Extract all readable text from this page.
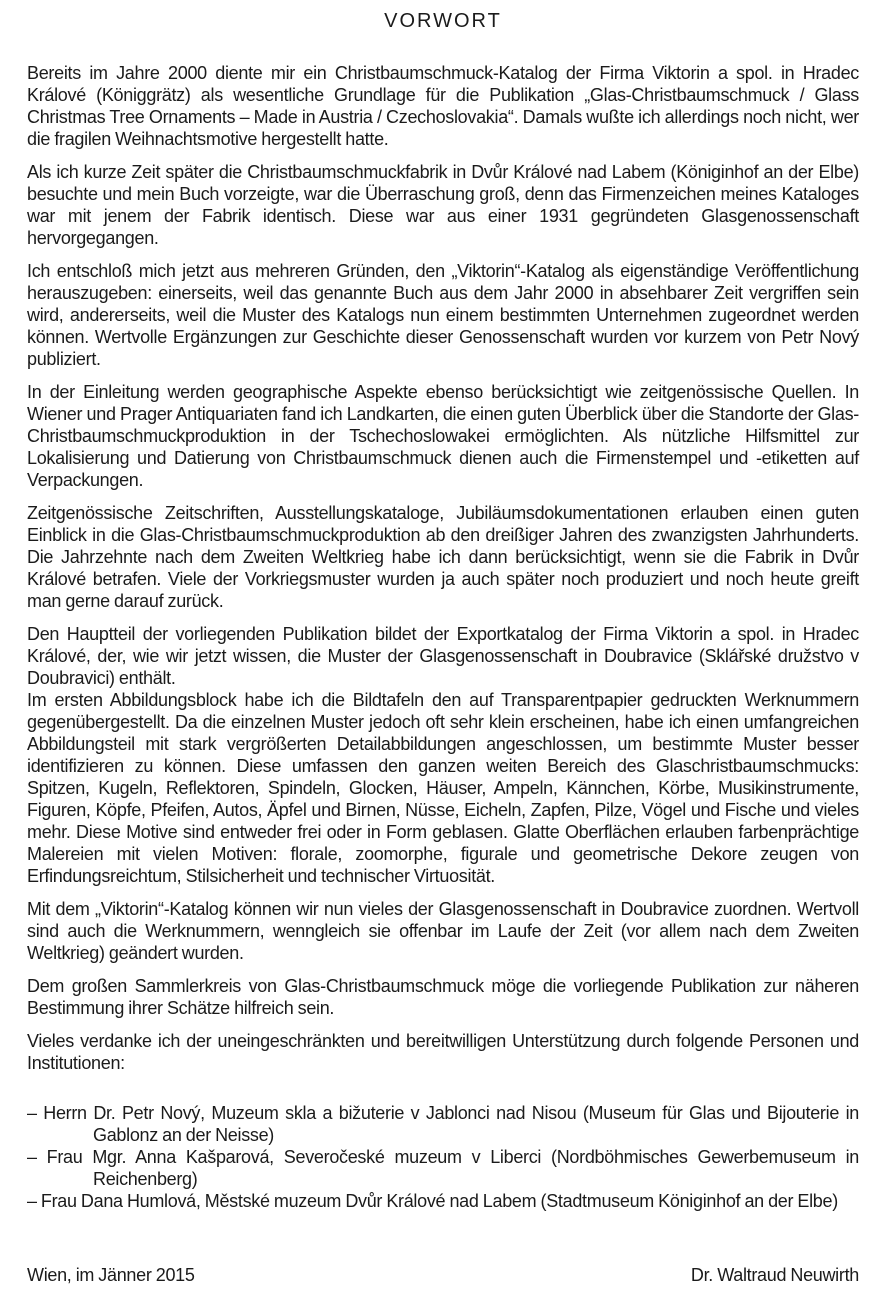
VORWORT

Bereits im Jahre 2000 diente mir ein Christbaumschmuck-Katalog der Firma Viktorin a spol. in Hradec Králové (Königgrätz) als wesentliche Grundlage für die Publikation „Glas-Christbaumschmuck / Glass Christmas Tree Ornaments – Made in Austria / Czechoslovakia“. Damals wußte ich allerdings noch nicht, wer die fragilen Weihnachtsmotive hergestellt hatte.

Als ich kurze Zeit später die Christbaumschmuckfabrik in Dvůr Králové nad Labem (Königinhof an der Elbe) besuchte und mein Buch vorzeigte, war die Überraschung groß, denn das Firmenzeichen meines Kataloges war mit jenem der Fabrik identisch. Diese war aus einer 1931 gegründeten Glasgenossenschaft hervorgegangen.

Ich entschloß mich jetzt aus mehreren Gründen, den „Viktorin“-Katalog als eigenständige Veröffentlichung herauszugeben: einerseits, weil das genannte Buch aus dem Jahr 2000 in absehbarer Zeit vergriffen sein wird, andererseits, weil die Muster des Katalogs nun einem bestimmten Unternehmen zugeordnet werden können. Wertvolle Ergänzungen zur Geschichte dieser Genossenschaft wurden vor kurzem von Petr Nový publiziert.

In der Einleitung werden geographische Aspekte ebenso berücksichtigt wie zeitgenössische Quellen. In Wiener und Prager Antiquariaten fand ich Landkarten, die einen guten Überblick über die Standorte der Glas-Christbaumschmuckproduktion in der Tschechoslowakei ermöglichten. Als nützliche Hilfsmittel zur Lokalisierung und Datierung von Christbaumschmuck dienen auch die Firmenstempel und -etiketten auf Verpackungen.

Zeitgenössische Zeitschriften, Ausstellungskataloge, Jubiläumsdokumentationen erlauben einen guten Einblick in die Glas-Christbaumschmuckproduktion ab den dreißiger Jahren des zwanzigsten Jahrhunderts. Die Jahrzehnte nach dem Zweiten Weltkrieg habe ich dann berücksichtigt, wenn sie die Fabrik in Dvůr Králové betrafen. Viele der Vorkriegsmuster wurden ja auch später noch produziert und noch heute greift man gerne darauf zurück.

Den Hauptteil der vorliegenden Publikation bildet der Exportkatalog der Firma Viktorin a spol. in Hradec Králové, der, wie wir jetzt wissen, die Muster der Glasgenossenschaft in Doubravice (Sklářské družstvo v Doubravici) enthält.

Im ersten Abbildungsblock habe ich die Bildtafeln den auf Transparentpapier gedruckten Werknummern gegenübergestellt. Da die einzelnen Muster jedoch oft sehr klein erscheinen, habe ich einen umfangreichen Abbildungsteil mit stark vergrößerten Detailabbildungen angeschlossen, um bestimmte Muster besser identifizieren zu können. Diese umfassen den ganzen weiten Bereich des Glaschristbaumschmucks: Spitzen, Kugeln, Reflektoren, Spindeln, Glocken, Häuser, Ampeln, Kännchen, Körbe, Musikinstrumente, Figuren, Köpfe, Pfeifen, Autos, Äpfel und Birnen, Nüsse, Eicheln, Zapfen, Pilze, Vögel und Fische und vieles mehr. Diese Motive sind entweder frei oder in Form geblasen. Glatte Oberflächen erlauben farbenprächtige Malereien mit vielen Motiven: florale, zoomorphe, figurale und geometrische Dekore zeugen von Erfindungsreichtum, Stilsicherheit und technischer Virtuosität.

Mit dem „Viktorin“-Katalog können wir nun vieles der Glasgenossenschaft in Doubravice zuordnen. Wertvoll sind auch die Werknummern, wenngleich sie offenbar im Laufe der Zeit (vor allem nach dem Zweiten Weltkrieg) geändert wurden.

Dem großen Sammlerkreis von Glas-Christbaumschmuck möge die vorliegende Publikation zur näheren Bestimmung ihrer Schätze hilfreich sein.

Vieles verdanke ich der uneingeschränkten und bereitwilligen Unterstützung durch folgende Personen und Institutionen:

– Herrn Dr. Petr Nový, Muzeum skla a bižuterie v Jablonci nad Nisou (Museum für Glas und Bijouterie in Gablonz an der Neisse)

– Frau Mgr. Anna Kašparová, Severočeské muzeum v Liberci (Nordböhmisches Gewerbemuseum in Reichenberg)

– Frau Dana Humlová, Městské muzeum Dvůr Králové nad Labem (Stadtmuseum Königinhof an der Elbe)

Wien, im Jänner 2015	Dr. Waltraud Neuwirth
